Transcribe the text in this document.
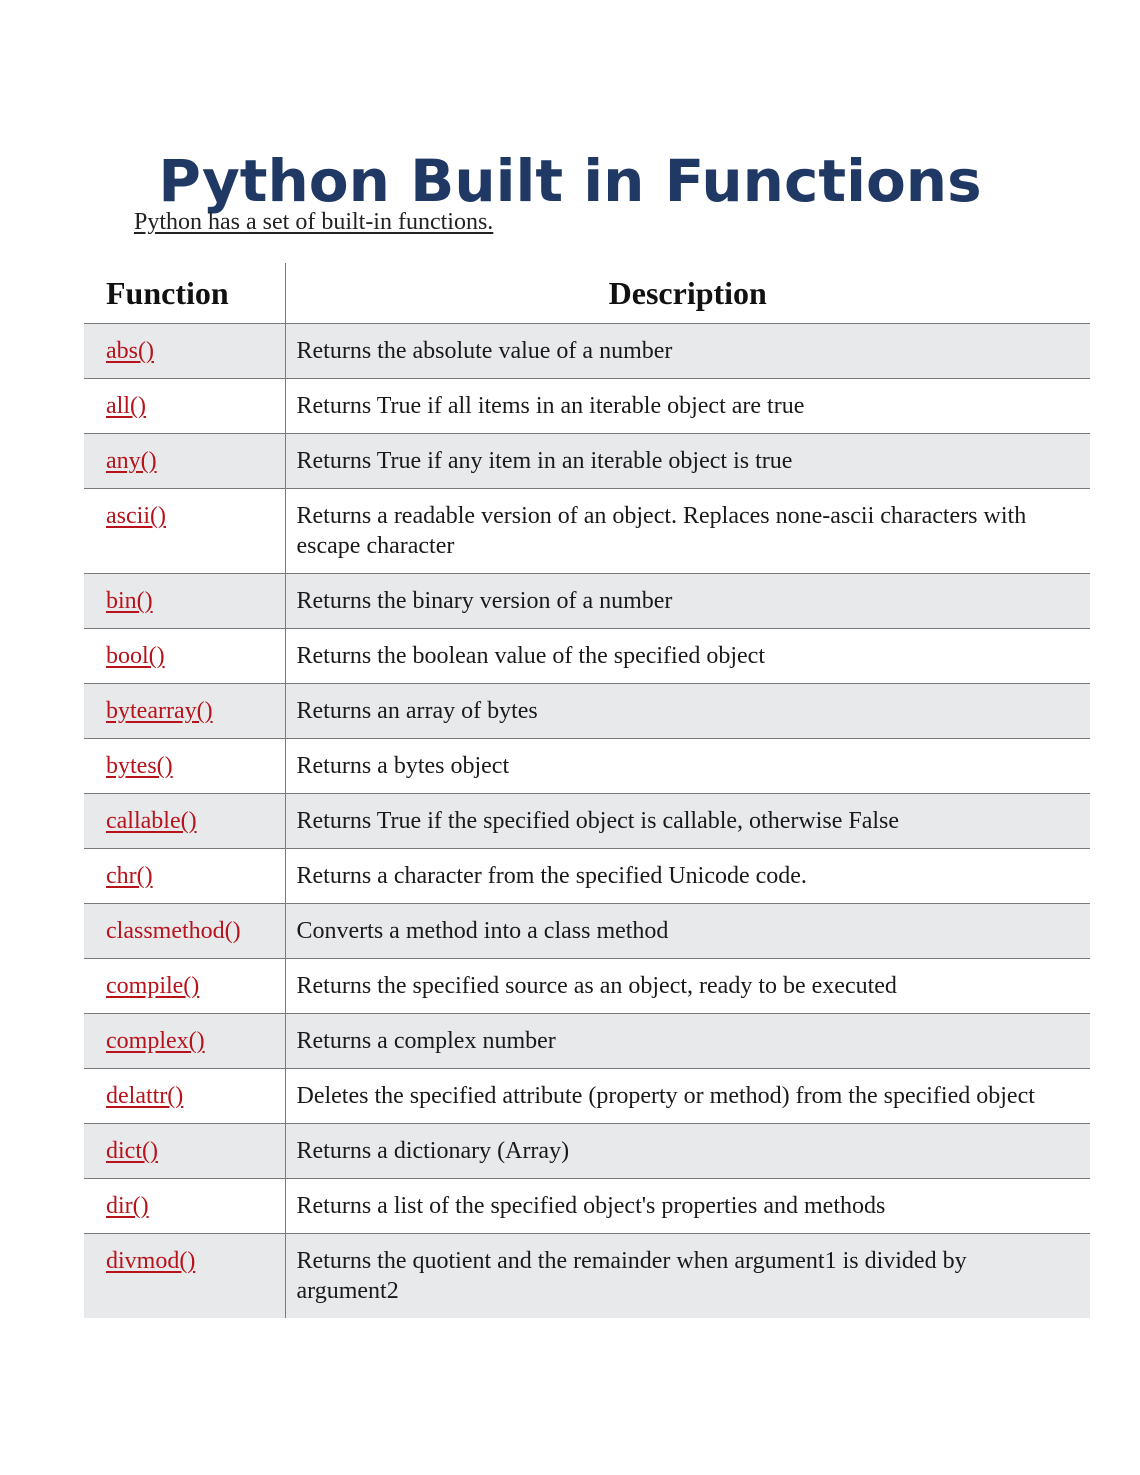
Python Built in Functions
Python has a set of built-in functions.
Function	Description
abs()	Returns the absolute value of a number
all()	Returns True if all items in an iterable object are true
any()	Returns True if any item in an iterable object is true
ascii()	Returns a readable version of an object. Replaces none-ascii characters with escape character
bin()	Returns the binary version of a number
bool()	Returns the boolean value of the specified object
bytearray()	Returns an array of bytes
bytes()	Returns a bytes object
callable()	Returns True if the specified object is callable, otherwise False
chr()	Returns a character from the specified Unicode code.
classmethod()	Converts a method into a class method
compile()	Returns the specified source as an object, ready to be executed
complex()	Returns a complex number
delattr()	Deletes the specified attribute (property or method) from the specified object
dict()	Returns a dictionary (Array)
dir()	Returns a list of the specified object's properties and methods
divmod()	Returns the quotient and the remainder when argument1 is divided by argument2
